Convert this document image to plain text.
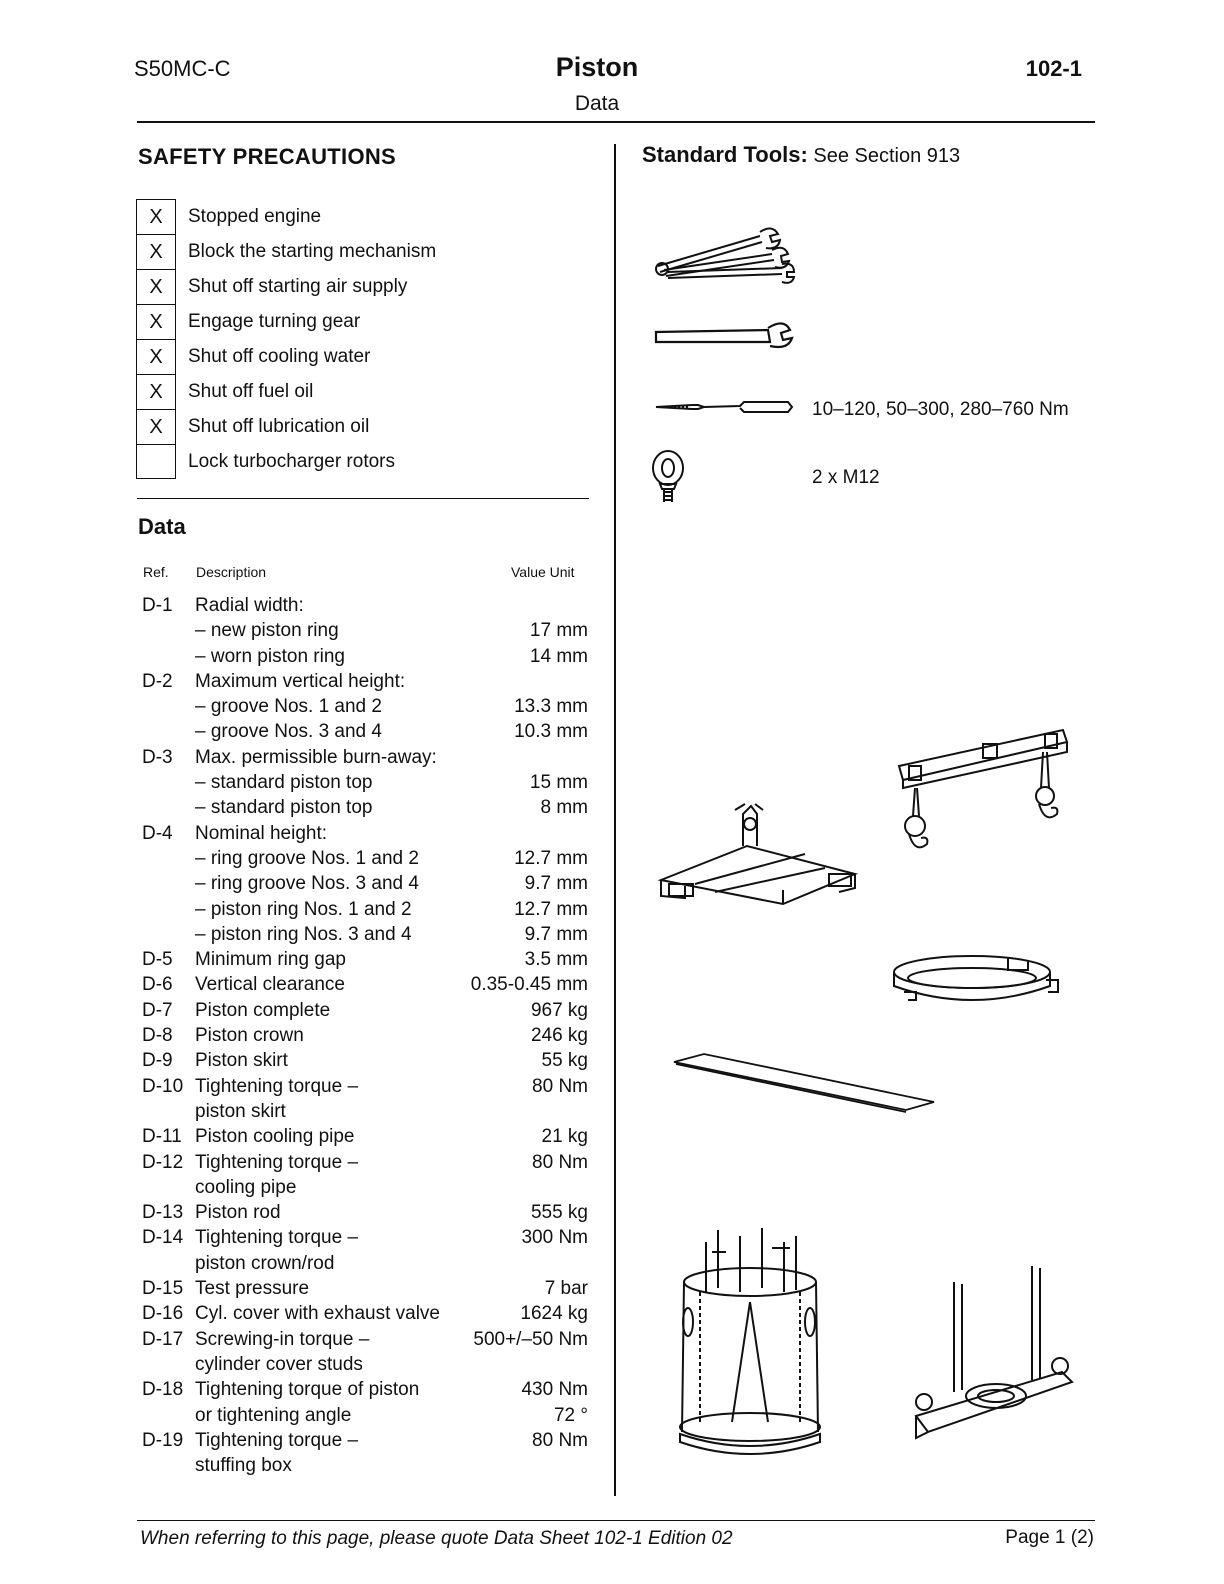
S50MC-C	Piston	102-1
Data
SAFETY PRECAUTIONS
X	Stopped engine
X	Block the starting mechanism
X	Shut off starting air supply
X	Engage turning gear
X	Shut off cooling water
X	Shut off fuel oil
X	Shut off lubrication oil
Lock turbocharger rotors
Standard Tools: See Section 913
Data
Ref. Description	Value Unit
D-1	Radial width:

– new piston ring	17 mm

– worn piston ring	14 mm
D-2	Maximum vertical height:

– groove Nos. 1 and 2	13.3 mm

– groove Nos. 3 and 4	10.3 mm
D-3	Max. permissible burn-away:

– standard piston top	15 mm

– standard piston top	8 mm
D-4	Nominal height:

– ring groove Nos. 1 and 2	12.7 mm

– ring groove Nos. 3 and 4	9.7 mm

– piston ring Nos. 1 and 2	12.7 mm

– piston ring Nos. 3 and 4	9.7 mm
D-5	Minimum ring gap	3.5 mm
D-6	Vertical clearance	0.35-0.45 mm
D-7	Piston complete	967 kg
D-8	Piston crown	246 kg
D-9	Piston skirt	55 kg
D-10 Tightening torque –	80 Nm

piston skirt

D-11 Piston cooling pipe	21 kg
D-12 Tightening torque –	80 Nm

cooling pipe

D-13 Piston rod	555 kg
D-14 Tightening torque –	300 Nm

piston crown/rod

D-15 Test pressure	7 bar
D-16 Cyl. cover with exhaust valve	1624 kg
D-17 Screwing-in torque –	500+/–50 Nm

cylinder cover studs

D-18 Tightening torque of piston	430 Nm

or tightening angle	72 °
D-19 Tightening torque –	80 Nm

stuffing box

10–120, 50–300, 280–760 Nm
2 x M12
When referring to this page, please quote Data Sheet 102-1 Edition 02	Page 1 (2)
